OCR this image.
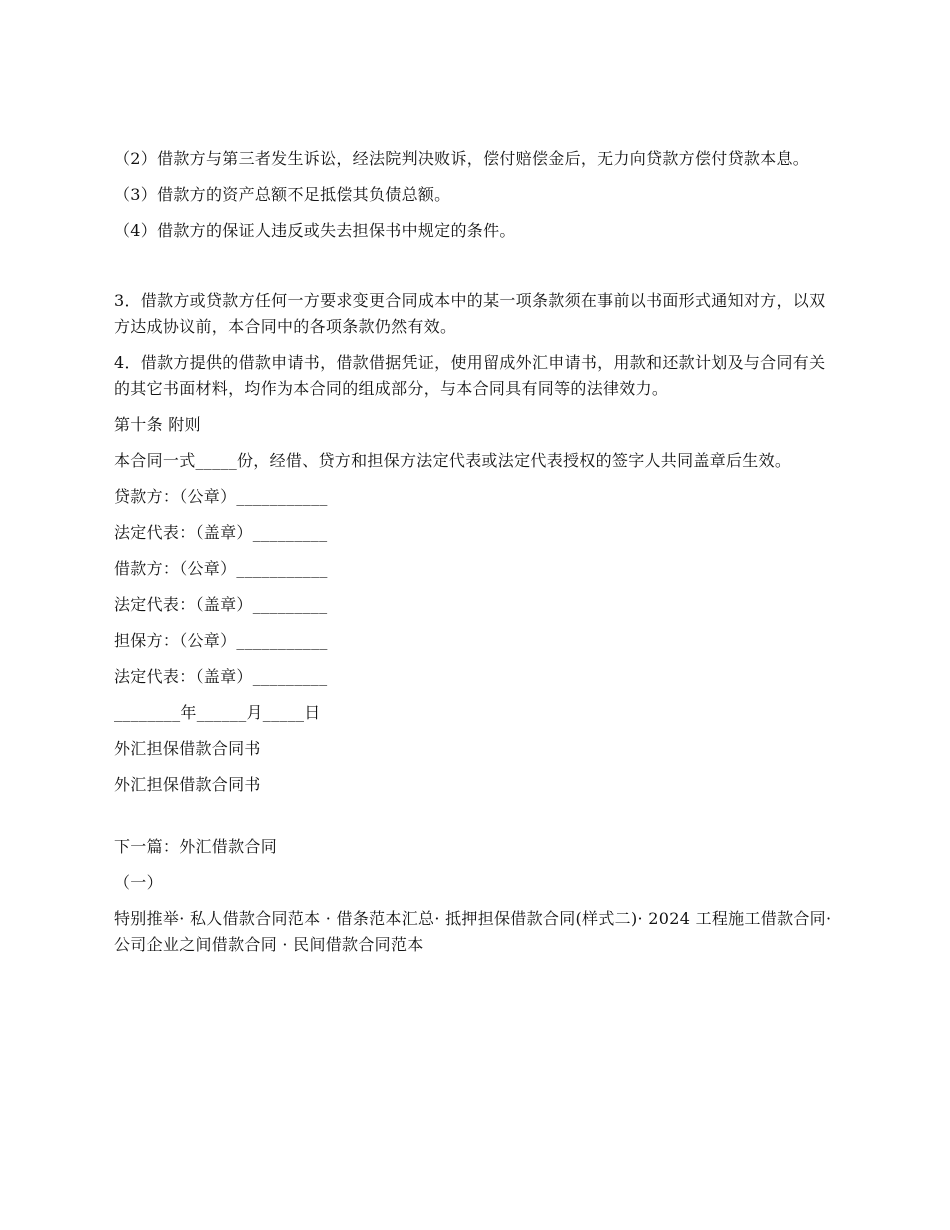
（2）借款方与第三者发生诉讼，经法院判决败诉，偿付赔偿金后，无力向贷款方偿付贷款本息。

（3）借款方的资产总额不足抵偿其负债总额。

（4）借款方的保证人违反或失去担保书中规定的条件。

3．借款方或贷款方任何一方要求变更合同成本中的某一项条款须在事前以书面形式通知对方，以双方达成协议前，本合同中的各项条款仍然有效。

4．借款方提供的借款申请书，借款借据凭证，使用留成外汇申请书，用款和还款计划及与合同有关的其它书面材料，均作为本合同的组成部分，与本合同具有同等的法律效力。

第十条 附则

本合同一式_____份，经借、贷方和担保方法定代表或法定代表授权的签字人共同盖章后生效。

贷款方：（公章）___________

法定代表：（盖章）_________

借款方：（公章）___________

法定代表：（盖章）_________

担保方：（公章）___________

法定代表：（盖章）_________

________年______月_____日

外汇担保借款合同书

外汇担保借款合同书

下一篇：外汇借款合同

（一）

特别推举· 私人借款合同范本 · 借条范本汇总· 抵押担保借款合同(样式二)· 2024 工程施工借款合同· 公司企业之间借款合同 · 民间借款合同范本
